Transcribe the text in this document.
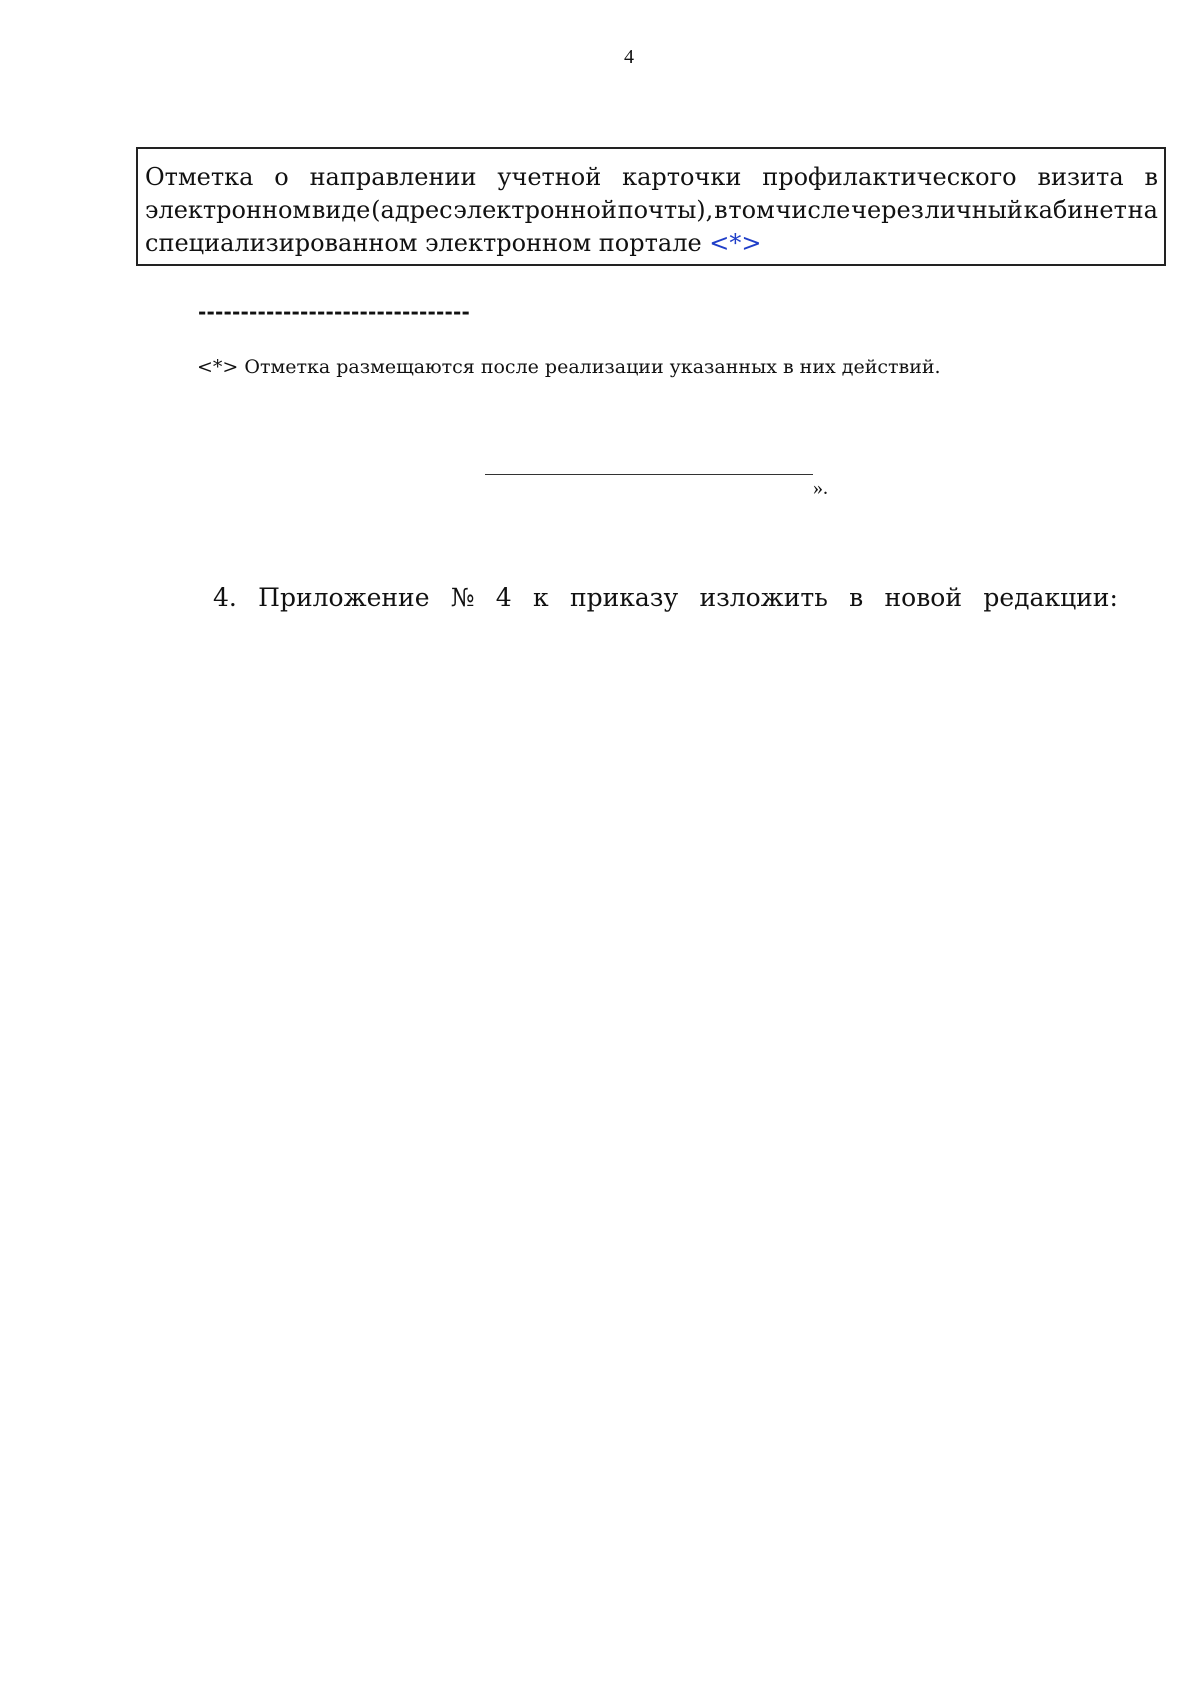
4
Отметка о направлении учетной карточки профилактического визита в
электронном виде (адрес электронной почты), в том числе через личный кабинет на
специализированном электронном портале <*>
--------------------------------
<*> Отметка размещаются после реализации указанных в них действий.
».
4. Приложение № 4 к приказу изложить в новой редакции:
